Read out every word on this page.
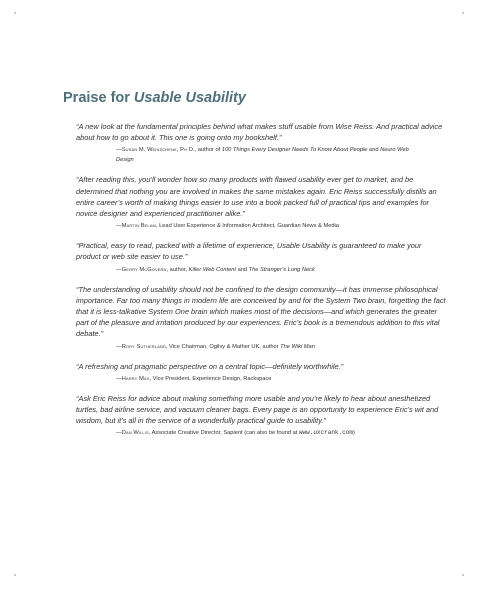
Praise for Usable Usability

“A new look at the fundamental principles behind what makes stuff usable from Wise Reiss. And practical advice about how to go about it. This one is going onto my bookshelf.”

—Susan M. Weinschenk, Ph D., author of 100 Things Every Designer Needs To Know About People and Neuro Web Design

“After reading this, you’ll wonder how so many products with flawed usability ever get to market, and be determined that nothing you are involved in makes the same mistakes again. Eric Reiss successfully distills an entire career’s worth of making things easier to use into a book packed full of practical tips and examples for novice designer and experienced practitioner alike.”

—Martin Belam, Lead User Experience & Information Architect, Guardian News & Media

“Practical, easy to read, packed with a lifetime of experience, Usable Usability is guaranteed to make your product or web site easier to use.”

—Gerry McGovern, author, Killer Web Content and The Stranger’s Long Neck

“The understanding of usability should not be confined to the design community—it has immense philosophical importance. Far too many things in modern life are conceived by and for the System Two brain, forgetting the fact that it is less-talkative System One brain which makes most of the decisions—and which generates the greater part of the pleasure and irritation produced by our experiences. Eric’s book is a tremendous addition to this vital debate.”

—Rory Sutherland, Vice Chairman, Ogilvy & Mather UK, author The Wiki Man

“A refreshing and pragmatic perspective on a central topic—definitely worthwhile.”

—Harry Max, Vice President, Experience Design, Rackspace

“Ask Eric Reiss for advice about making something more usable and you’re likely to hear about anesthetized turtles, bad airline service, and vacuum cleaner bags. Every page is an opportunity to experience Eric’s wit and wisdom, but it’s all in the service of a wonderfully practical guide to usability.”

—Dan Willis, Associate Creative Director, Sapient (can also be found at www.uxcrank.com)
